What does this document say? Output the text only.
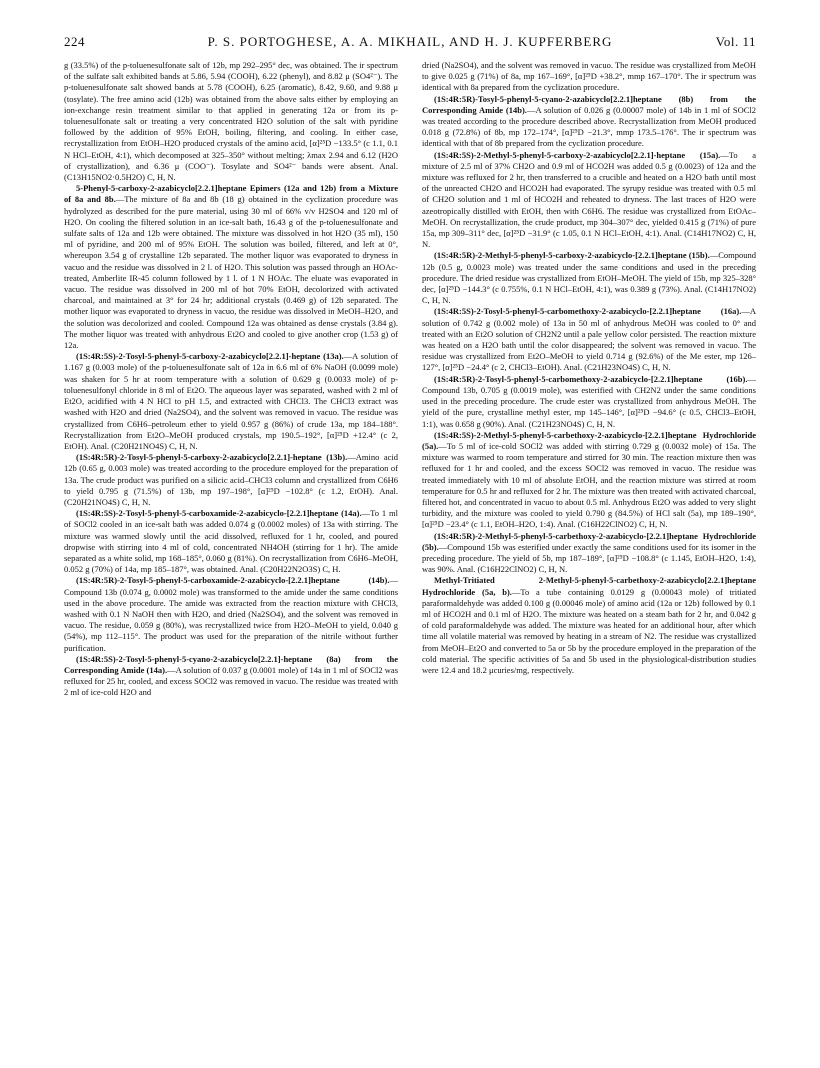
224	P. S. PORTOGHESE, A. A. MIKHAIL, AND H. J. KUPFERBERG	Vol. 11

g (33.5%) of the p-toluenesulfonate salt of 12b, mp 292–295° dec, was obtained. The ir spectrum of the sulfate salt exhibited bands at 5.86, 5.94 (COOH), 6.22 (phenyl), and 8.82 μ (SO4²⁻). The p-toluenesulfonate salt showed bands at 5.78 (COOH), 6.25 (aromatic), 8.42, 9.60, and 9.88 μ (tosylate). The free amino acid (12b) was obtained from the above salts either by employing an ion-exchange resin treatment similar to that applied in generating 12a or from its p-toluenesulfonate salt or treating a very concentrated H2O solution of the salt with pyridine followed by the addition of 95% EtOH, boiling, filtering, and cooling. In either case, recrystallization from EtOH–H2O produced crystals of the amino acid, [α]²⁵D −133.5° (c 1.1, 0.1 N HCl–EtOH, 4:1), which decomposed at 325–350° without melting; λmax 2.94 and 6.12 (H2O of crystallization), and 6.36 μ (COO⁻). Tosylate and SO4²⁻ bands were absent. Anal. (C13H15NO2·0.5H2O) C, H, N.

5-Phenyl-5-carboxy-2-azabicyclo[2.2.1]heptane Epimers (12a and 12b) from a Mixture of 8a and 8b.—The mixture of 8a and 8b (18 g) obtained in the cyclization procedure was hydrolyzed as described for the pure material, using 30 ml of 66% v/v H2SO4 and 120 ml of H2O. On cooling the filtered solution in an ice-salt bath, 16.43 g of the p-toluenesulfonate and sulfate salts of 12a and 12b were obtained. The mixture was dissolved in hot H2O (35 ml), 150 ml of pyridine, and 200 ml of 95% EtOH. The solution was boiled, filtered, and left at 0°, whereupon 3.54 g of crystalline 12b separated. The mother liquor was evaporated to dryness in vacuo and the residue was dissolved in 2 l. of H2O. This solution was passed through an HOAc-treated, Amberlite IR-45 column followed by 1 l. of 1 N HOAc. The eluate was evaporated in vacuo. The residue was dissolved in 200 ml of hot 70% EtOH, decolorized with activated charcoal, and maintained at 3° for 24 hr; additional crystals (0.469 g) of 12b separated. The mother liquor was evaporated to dryness in vacuo, the residue was dissolved in MeOH–H2O, and the solution was decolorized and cooled. Compound 12a was obtained as dense crystals (3.84 g). The mother liquor was treated with anhydrous Et2O and cooled to give another crop (1.53 g) of 12a.

(1S:4R:5S)-2-Tosyl-5-phenyl-5-carboxy-2-azabicyclo[2.2.1]-heptane (13a).—A solution of 1.167 g (0.003 mole) of the p-toluenesulfonate salt of 12a in 6.6 ml of 6% NaOH (0.0099 mole) was shaken for 5 hr at room temperature with a solution of 0.629 g (0.0033 mole) of p-toluenesulfonyl chloride in 8 ml of Et2O. The aqueous layer was separated, washed with 2 ml of Et2O, acidified with 4 N HCl to pH 1.5, and extracted with CHCl3. The CHCl3 extract was washed with H2O and dried (Na2SO4), and the solvent was removed in vacuo. The residue was crystallized from C6H6–petroleum ether to yield 0.957 g (86%) of crude 13a, mp 184–188°. Recrystallization from Et2O–MeOH produced crystals, mp 190.5–192°, [α]²⁵D +12.4° (c 2, EtOH). Anal. (C20H21NO4S) C, H, N.

(1S:4R:5R)-2-Tosyl-5-phenyl-5-carboxy-2-azabicyclo[2.2.1]-heptane (13b).—Amino acid 12b (0.65 g, 0.003 mole) was treated according to the procedure employed for the preparation of 13a. The crude product was purified on a silicic acid–CHCl3 column and crystallized from C6H6 to yield 0.795 g (71.5%) of 13b, mp 197–198°, [α]²⁵D −102.8° (c 1.2, EtOH). Anal. (C20H21NO4S) C, H, N.

(1S:4R:5S)-2-Tosyl-5-phenyl-5-carboxamide-2-azabicyclo-[2.2.1]heptane (14a).—To 1 ml of SOCl2 cooled in an ice-salt bath was added 0.074 g (0.0002 moles) of 13a with stirring. The mixture was warmed slowly until the acid dissolved, refluxed for 1 hr, cooled, and poured dropwise with stirring into 4 ml of cold, concentrated NH4OH (stirring for 1 hr). The amide separated as a white solid, mp 168–185°, 0.060 g (81%). On recrystallization from C6H6–MeOH, 0.052 g (70%) of 14a, mp 185–187°, was obtained. Anal. (C20H22N2O3S) C, H.

(1S:4R:5R)-2-Tosyl-5-phenyl-5-carboxamide-2-azabicyclo-[2.2.1]heptane (14b).—Compound 13b (0.074 g, 0.0002 mole) was transformed to the amide under the same conditions used in the above procedure. The amide was extracted from the reaction mixture with CHCl3, washed with 0.1 N NaOH then with H2O, and dried (Na2SO4), and the solvent was removed in vacuo. The residue, 0.059 g (80%), was recrystallized twice from H2O–MeOH to yield, 0.040 g (54%), mp 112–115°. The product was used for the preparation of the nitrile without further purification.

(1S:4R:5S)-2-Tosyl-5-phenyl-5-cyano-2-azabicyclo[2.2.1]-heptane (8a) from the Corresponding Amide (14a).—A solution of 0.037 g (0.0001 mole) of 14a in 1 ml of SOCl2 was refluxed for 25 hr, cooled, and excess SOCl2 was removed in vacuo. The residue was treated with 2 ml of ice-cold H2O and

dried (Na2SO4), and the solvent was removed in vacuo. The residue was crystallized from MeOH to give 0.025 g (71%) of 8a, mp 167–169°, [α]²⁵D +38.2°, mmp 167–170°. The ir spectrum was identical with 8a prepared from the cyclization procedure.

(1S:4R:5R)-Tosyl-5-phenyl-5-cyano-2-azabicyclo[2.2.1]heptane (8b) from the Corresponding Amide (14b).—A solution of 0.026 g (0.00007 mole) of 14b in 1 ml of SOCl2 was treated according to the procedure described above. Recrystallization from MeOH produced 0.018 g (72.8%) of 8b, mp 172–174°, [α]²⁵D −21.3°, mmp 173.5–176°. The ir spectrum was identical with that of 8b prepared from the cyclization procedure.

(1S:4R:5S)-2-Methyl-5-phenyl-5-carboxy-2-azabicyclo[2.2.1]-heptane (15a).—To a mixture of 2.5 ml of 37% CH2O and 0.9 ml of HCO2H was added 0.5 g (0.0023) of 12a and the mixture was refluxed for 2 hr, then transferred to a crucible and heated on a H2O bath until most of the unreacted CH2O and HCO2H had evaporated. The syrupy residue was treated with 0.5 ml of CH2O solution and 1 ml of HCO2H and reheated to dryness. The last traces of H2O were azeotropically distilled with EtOH, then with C6H6. The residue was crystallized from EtOAc–MeOH. On recrystallization, the crude product, mp 304–307° dec, yielded 0.415 g (71%) of pure 15a, mp 309–311° dec, [α]²⁵D −31.9° (c 1.05, 0.1 N HCl–EtOH, 4:1). Anal. (C14H17NO2) C, H, N.

(1S:4R:5R)-2-Methyl-5-phenyl-5-carboxy-2-azabicyclo-[2.2.1]heptane (15b).—Compound 12b (0.5 g, 0.0023 mole) was treated under the same conditions and used in the preceding procedure. The dried residue was crystallized from EtOH–MeOH. The yield of 15b, mp 325–328° dec, [α]²⁵D −144.3° (c 0.755%, 0.1 N HCl–EtOH, 4:1), was 0.389 g (73%). Anal. (C14H17NO2) C, H, N.

(1S:4R:5S)-2-Tosyl-5-phenyl-5-carbomethoxy-2-azabicyclo-[2.2.1]heptane (16a).—A solution of 0.742 g (0.002 mole) of 13a in 50 ml of anhydrous MeOH was cooled to 0° and treated with an Et2O solution of CH2N2 until a pale yellow color persisted. The reaction mixture was heated on a H2O bath until the color disappeared; the solvent was removed in vacuo. The residue was crystallized from Et2O–MeOH to yield 0.714 g (92.6%) of the Me ester, mp 126–127°, [α]²⁵D −24.4° (c 2, CHCl3–EtOH). Anal. (C21H23NO4S) C, H, N.

(1S:4R:5R)-2-Tosyl-5-phenyl-5-carbomethoxy-2-azabicyclo-[2.2.1]heptane (16b).—Compound 13b, 0.705 g (0.0019 mole), was esterified with CH2N2 under the same conditions used in the preceding procedure. The crude ester was crystallized from anhydrous MeOH. The yield of the pure, crystalline methyl ester, mp 145–146°, [α]²⁵D −94.6° (c 0.5, CHCl3–EtOH, 1:1), was 0.658 g (90%). Anal. (C21H23NO4S) C, H, N.

(1S:4R:5S)-2-Methyl-5-phenyl-5-carbethoxy-2-azabicyclo-[2.2.1]heptane Hydrochloride (5a).—To 5 ml of ice-cold SOCl2 was added with stirring 0.729 g (0.0032 mole) of 15a. The mixture was warmed to room temperature and stirred for 30 min. The reaction mixture then was refluxed for 1 hr and cooled, and the excess SOCl2 was removed in vacuo. The residue was treated immediately with 10 ml of absolute EtOH, and the reaction mixture was stirred at room temperature for 0.5 hr and refluxed for 2 hr. The mixture was then treated with activated charcoal, filtered hot, and concentrated in vacuo to about 0.5 ml. Anhydrous Et2O was added to very slight turbidity, and the mixture was cooled to yield 0.790 g (84.5%) of HCl salt (5a), mp 189–190°, [α]²⁵D −23.4° (c 1.1, EtOH–H2O, 1:4). Anal. (C16H22ClNO2) C, H, N.

(1S:4R:5R)-2-Methyl-5-phenyl-5-carbethoxy-2-azabicyclo-[2.2.1]heptane Hydrochloride (5b).—Compound 15b was esterified under exactly the same conditions used for its isomer in the preceding procedure. The yield of 5b, mp 187–189°, [α]²⁵D −108.8° (c 1.145, EtOH–H2O, 1:4), was 90%. Anal. (C16H22ClNO2) C, H, N.

Methyl-Tritiated 2-Methyl-5-phenyl-5-carbethoxy-2-azabicyclo[2.2.1]heptane Hydrochloride (5a, b).—To a tube containing 0.0129 g (0.00043 mole) of tritiated paraformaldehyde was added 0.100 g (0.00046 mole) of amino acid (12a or 12b) followed by 0.1 ml of HCO2H and 0.1 ml of H2O. The mixture was heated on a steam bath for 2 hr, and 0.042 g of cold paraformaldehyde was added. The mixture was heated for an additional hour, after which time all volatile material was removed by heating in a stream of N2. The residue was crystallized from MeOH–Et2O and converted to 5a or 5b by the procedure employed in the preparation of the cold material. The specific activities of 5a and 5b used in the physiological-distribution studies were 12.4 and 18.2 μcuries/mg, respectively.
